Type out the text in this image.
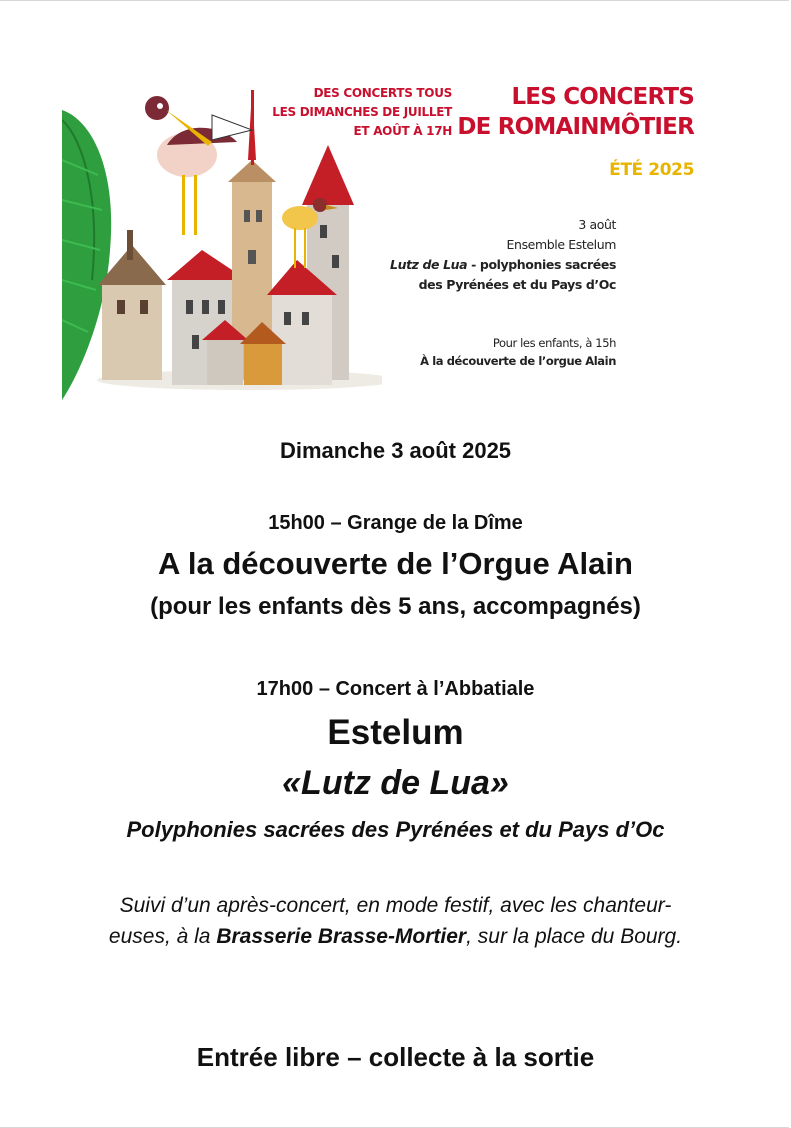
DES CONCERTS TOUS
LES DIMANCHES DE JUILLET
ET AOÛT À 17H
LES CONCERTS
DE ROMAINMÔTIER
ÉTÉ 2025
3 août
Ensemble Estelum
Lutz de Lua - polyphonies sacrées
des Pyrénées et du Pays d’Oc
Pour les enfants, à 15h
À la découverte de l’orgue Alain
Dimanche 3 août 2025
15h00 – Grange de la Dîme
A la découverte de l’Orgue Alain
(pour les enfants dès 5 ans, accompagnés)
17h00 – Concert à l’Abbatiale
Estelum
«Lutz de Lua»
Polyphonies sacrées des Pyrénées et du Pays d’Oc
Suivi d’un après-concert, en mode festif, avec les chanteur-
euses, à la Brasserie Brasse-Mortier, sur la place du Bourg.
Entrée libre – collecte à la sortie
